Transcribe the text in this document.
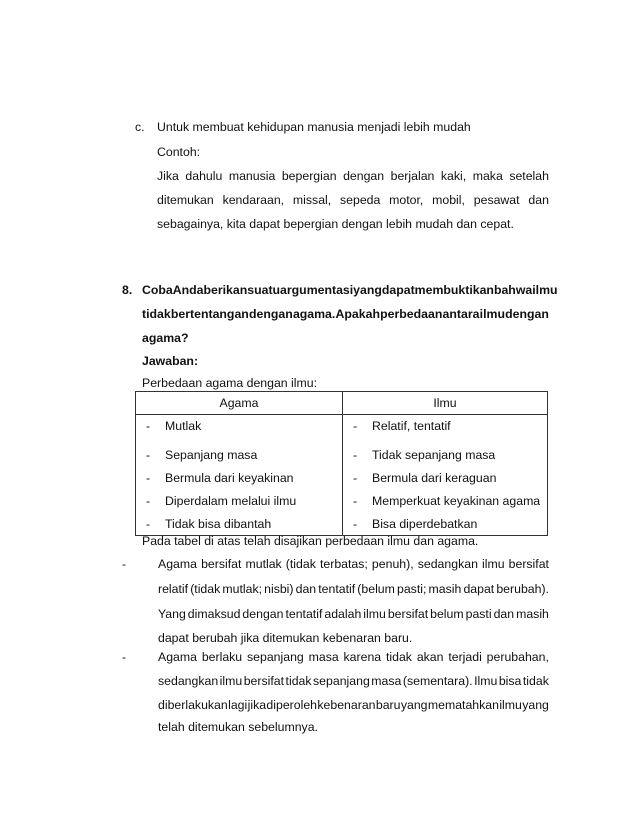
c. Untuk membuat kehidupan manusia menjadi lebih mudah
Contoh:
Jika dahulu manusia bepergian dengan berjalan kaki, maka setelah
ditemukan kendaraan, missal, sepeda motor, mobil, pesawat dan
sebagainya, kita dapat bepergian dengan lebih mudah dan cepat.
8. Coba Anda berikan suatu argumentasi yang dapat membuktikan bahwa ilmu
tidak bertentangan dengan agama. Apakah perbedaan antara ilmu dengan
agama?
Jawaban:
Perbedaan agama dengan ilmu:
Agama	Ilmu

- Mutlak	- Relatif, tentatif

- Sepanjang masa	- Tidak sepanjang masa

- Bermula dari keyakinan	- Bermula dari keraguan

- Diperdalam melalui ilmu	- Memperkuat keyakinan agama

- Tidak bisa dibantah	- Bisa diperdebatkan
Pada tabel di atas telah disajikan perbedaan ilmu dan agama.
-	Agama bersifat mutlak (tidak terbatas; penuh), sedangkan ilmu bersifat
relatif (tidak mutlak; nisbi) dan tentatif (belum pasti; masih dapat berubah).
Yang dimaksud dengan tentatif adalah ilmu bersifat belum pasti dan masih
dapat berubah jika ditemukan kebenaran baru.
-	Agama berlaku sepanjang masa karena tidak akan terjadi perubahan,
sedangkan ilmu bersifat tidak sepanjang masa (sementara). Ilmu bisa tidak
diberlakukan lagi jika diperoleh kebenaran baru yang mematahkan ilmu yang
telah ditemukan sebelumnya.
